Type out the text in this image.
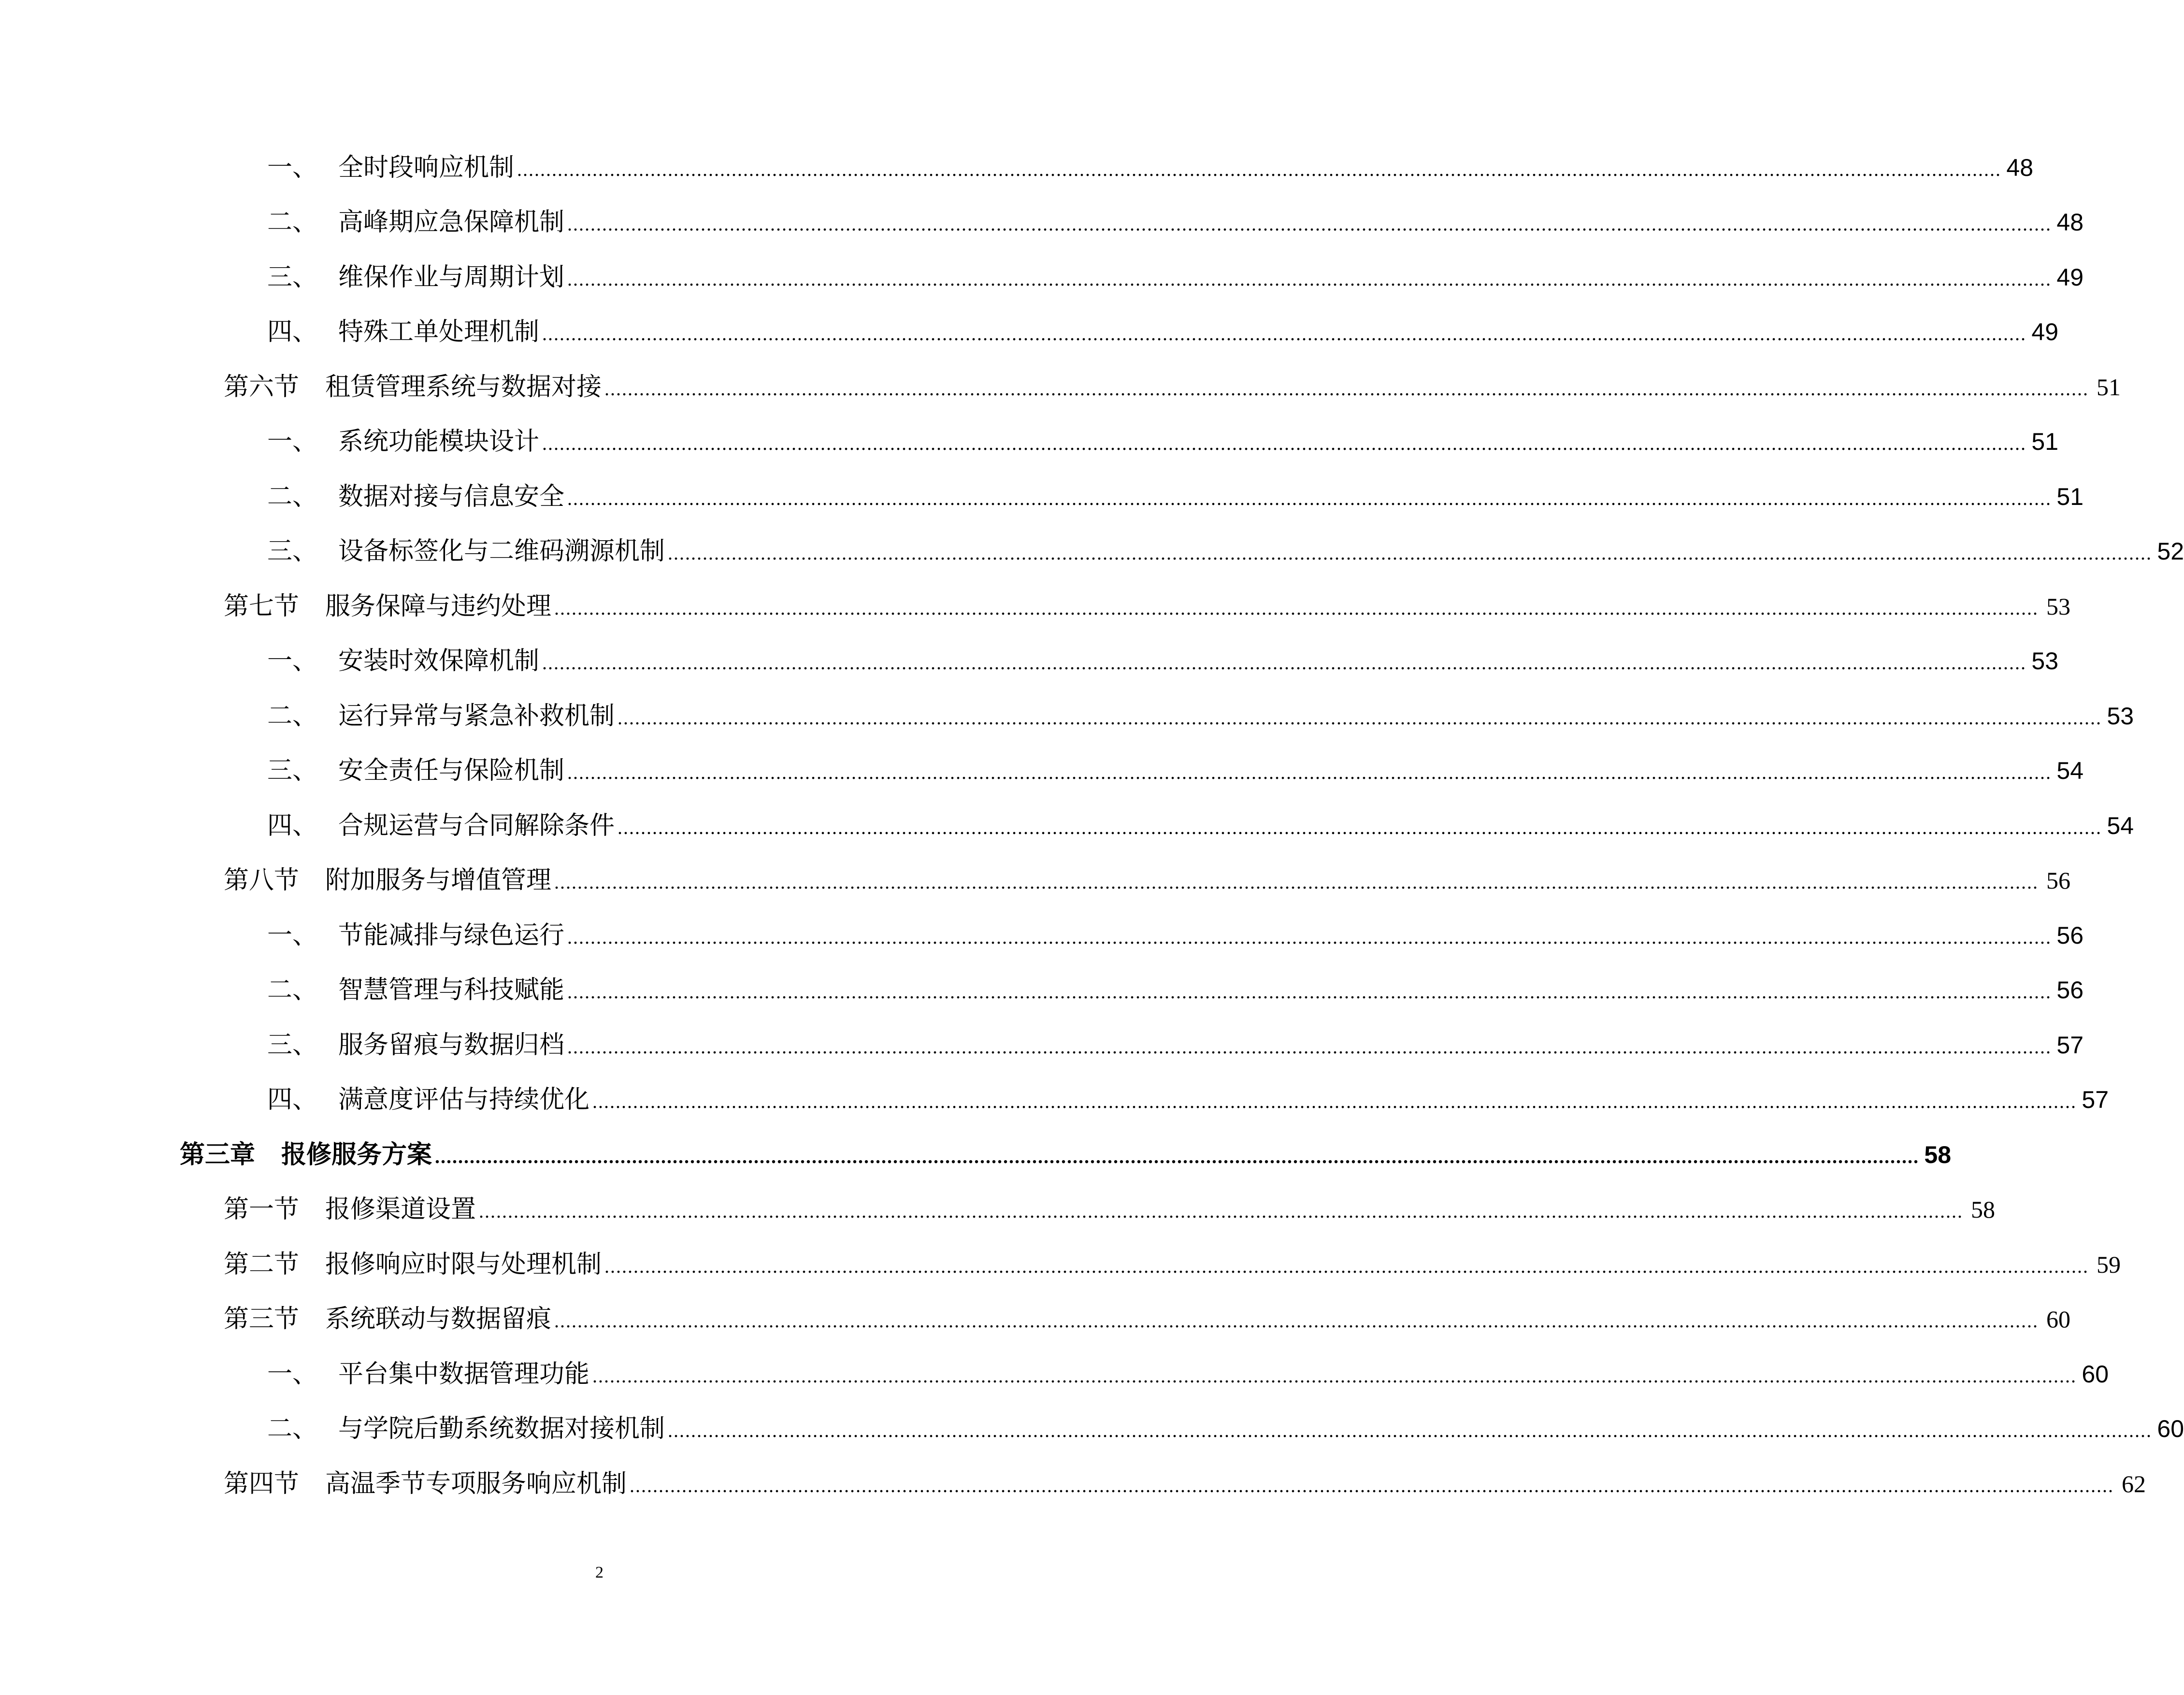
一、 全时段响应机制 .....	48
二、 高峰期应急保障机制 .....	48
三、 维保作业与周期计划 .....	49
四、 特殊工单处理机制 .....	49
第六节	租赁管理系统与数据对接 .....	51
一、 系统功能模块设计 .....	51
二、 数据对接与信息安全 .....	51
三、 设备标签化与二维码溯源机制 .....	52
第七节	服务保障与违约处理 .....	53
一、 安装时效保障机制 .....	53
二、 运行异常与紧急补救机制 .....	53
三、 安全责任与保险机制 .....	54
四、 合规运营与合同解除条件 .....	54
第八节	附加服务与增值管理 .....	56
一、 节能减排与绿色运行 .....	56
二、 智慧管理与科技赋能 .....	56
三、 服务留痕与数据归档 .....	57
四、 满意度评估与持续优化 .....	57
第三章	报修服务方案 .....	58
第一节	报修渠道设置 .....	58
第二节	报修响应时限与处理机制 .....	59
第三节	系统联动与数据留痕 .....	60
一、 平台集中数据管理功能 .....	60
二、 与学院后勤系统数据对接机制 .....	60
第四节	高温季节专项服务响应机制 .....	62
2
